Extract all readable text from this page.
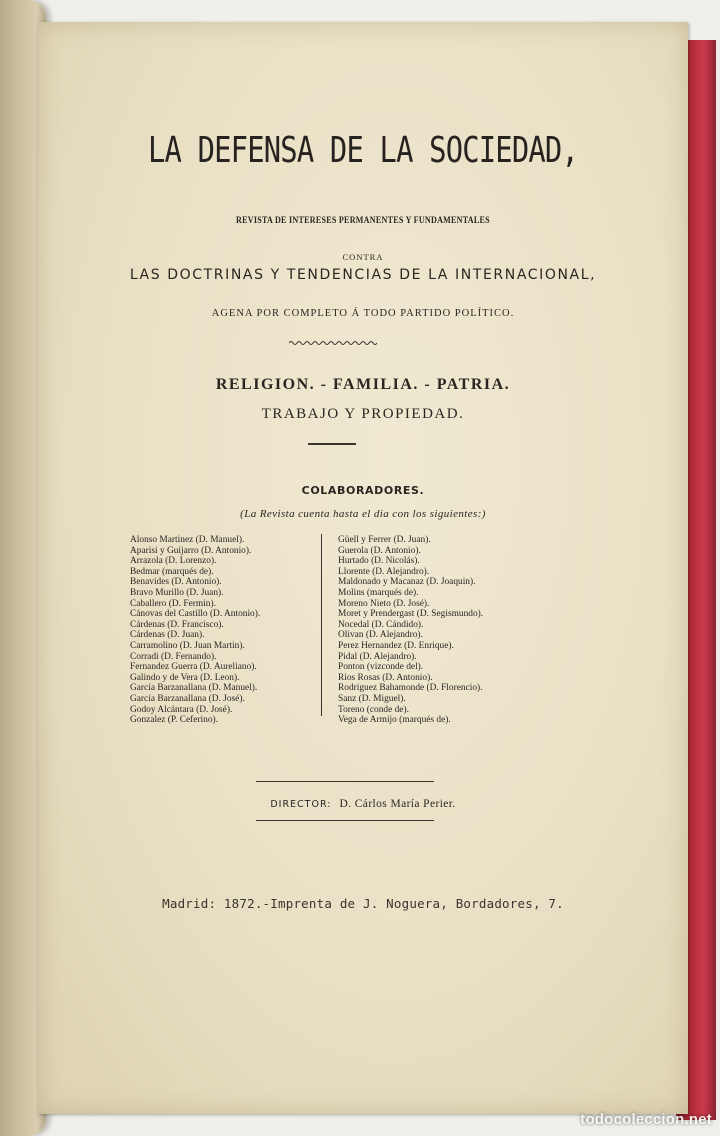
LA DEFENSA DE LA SOCIEDAD,
REVISTA DE INTERESES PERMANENTES Y FUNDAMENTALES
CONTRA
LAS DOCTRINAS Y TENDENCIAS DE LA INTERNACIONAL,
AGENA POR COMPLETO Á TODO PARTIDO POLÍTICO.
RELIGION. - FAMILIA. - PATRIA.
TRABAJO Y PROPIEDAD.
COLABORADORES.
(La Revista cuenta hasta el dia con los siguientes:)
Alonso Martinez (D. Manuel).
Aparisi y Guijarro (D. Antonio).
Arrazola (D. Lorenzo).
Bedmar (marqués de).
Benavides (D. Antonio).
Bravo Murillo (D. Juan).
Caballero (D. Fermin).
Cánovas del Castillo (D. Antonio).
Cárdenas (D. Francisco).
Cárdenas (D. Juan).
Carramolino (D. Juan Martin).
Corradi (D. Fernando).
Fernandez Guerra (D. Aureliano).
Galindo y de Vera (D. Leon).
García Barzanallana (D. Manuel).
García Barzanallana (D. José).
Godoy Alcántara (D. José).
Gonzalez (P. Ceferino).
Güell y Ferrer (D. Juan).
Guerola (D. Antonio).
Hurtado (D. Nicolás).
Llorente (D. Alejandro).
Maldonado y Macanaz (D. Joaquin).
Molins (marqués de).
Moreno Nieto (D. José).
Moret y Prendergast (D. Segismundo).
Nocedal (D. Cándido).
Olivan (D. Alejandro).
Perez Hernandez (D. Enrique).
Pidal (D. Alejandro).
Ponton (vizconde del).
Rios Rosas (D. Antonio).
Rodriguez Bahamonde (D. Florencio).
Sanz (D. Miguel).
Toreno (conde de).
Vega de Armijo (marqués de).
DIRECTOR: D. Cárlos María Perier.
Madrid: 1872.-Imprenta de J. Noguera, Bordadores, 7.
todocoleccion.net
